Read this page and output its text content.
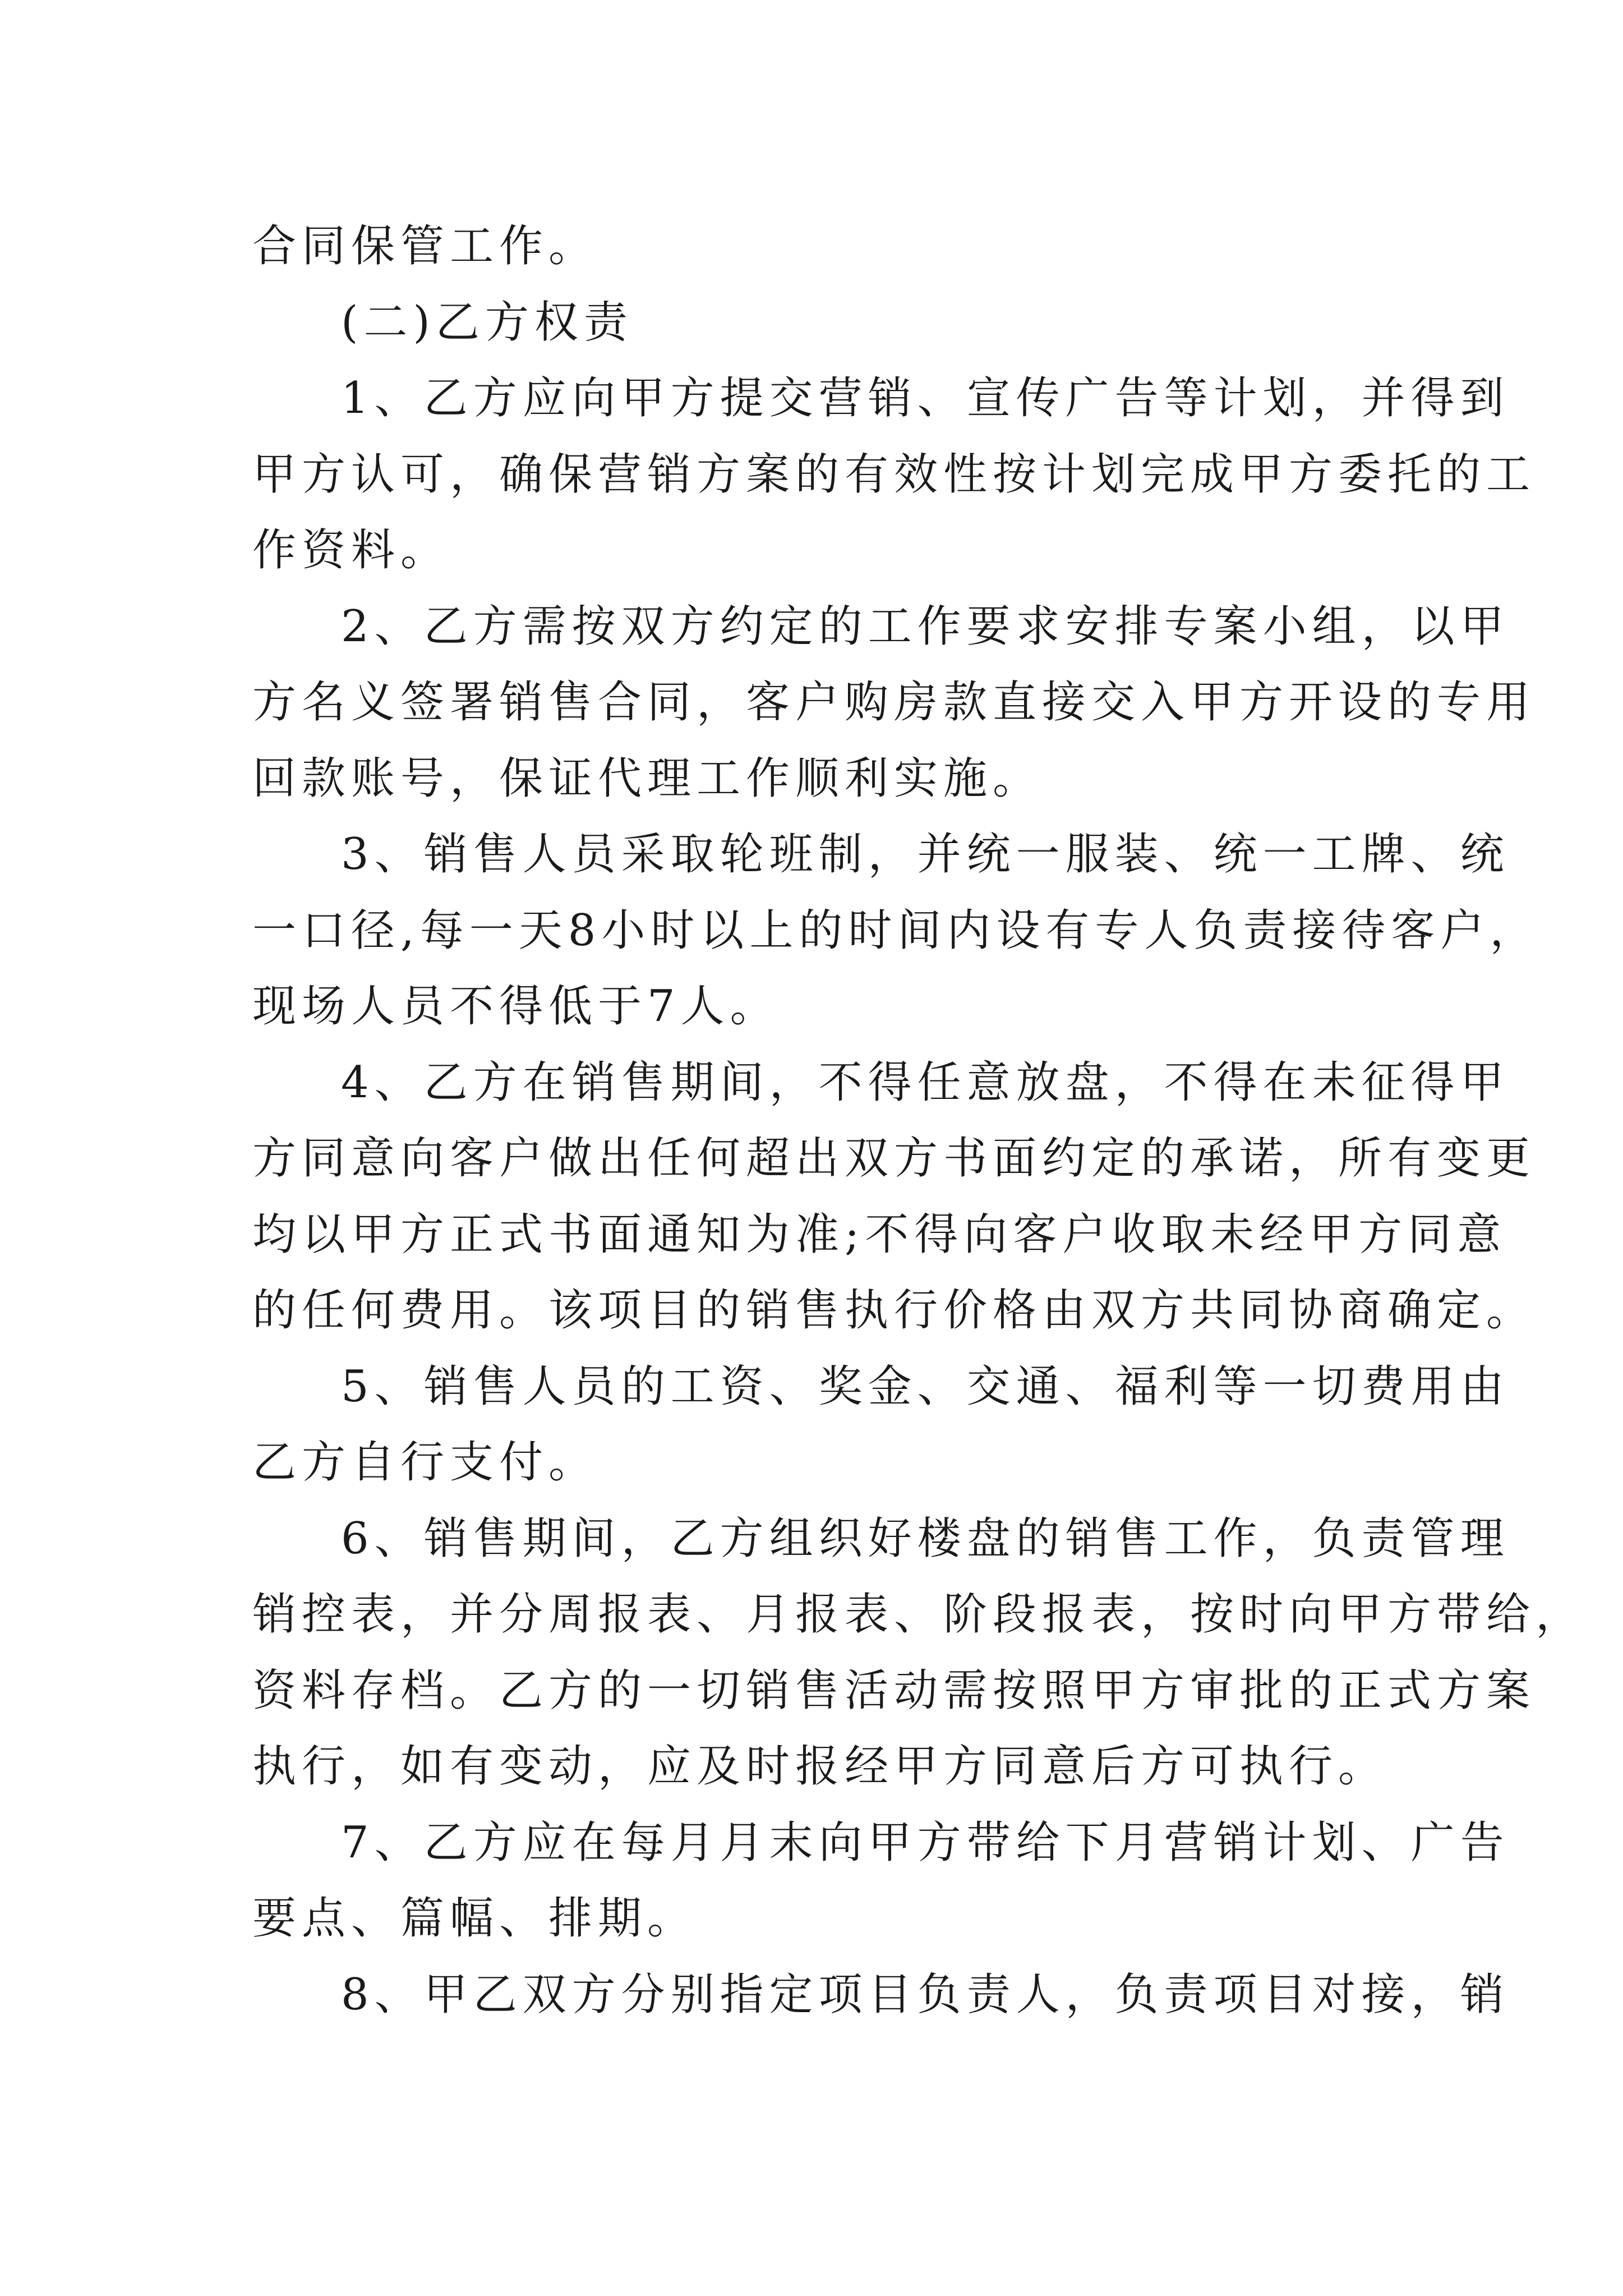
合同保管工作。
(二)乙方权责
1、乙方应向甲方提交营销、宣传广告等计划，并得到
甲方认可，确保营销方案的有效性按计划完成甲方委托的工
作资料。
2、乙方需按双方约定的工作要求安排专案小组，以甲
方名义签署销售合同，客户购房款直接交入甲方开设的专用
回款账号，保证代理工作顺利实施。
3、销售人员采取轮班制，并统一服装、统一工牌、统
一口径,每一天8小时以上的时间内设有专人负责接待客户，
现场人员不得低于7人。
4、乙方在销售期间，不得任意放盘，不得在未征得甲
方同意向客户做出任何超出双方书面约定的承诺，所有变更
均以甲方正式书面通知为准;不得向客户收取未经甲方同意
的任何费用。该项目的销售执行价格由双方共同协商确定。
5、销售人员的工资、奖金、交通、福利等一切费用由
乙方自行支付。
6、销售期间，乙方组织好楼盘的销售工作，负责管理
销控表，并分周报表、月报表、阶段报表，按时向甲方带给，
资料存档。乙方的一切销售活动需按照甲方审批的正式方案
执行，如有变动，应及时报经甲方同意后方可执行。
7、乙方应在每月月末向甲方带给下月营销计划、广告
要点、篇幅、排期。
8、甲乙双方分别指定项目负责人，负责项目对接，销
